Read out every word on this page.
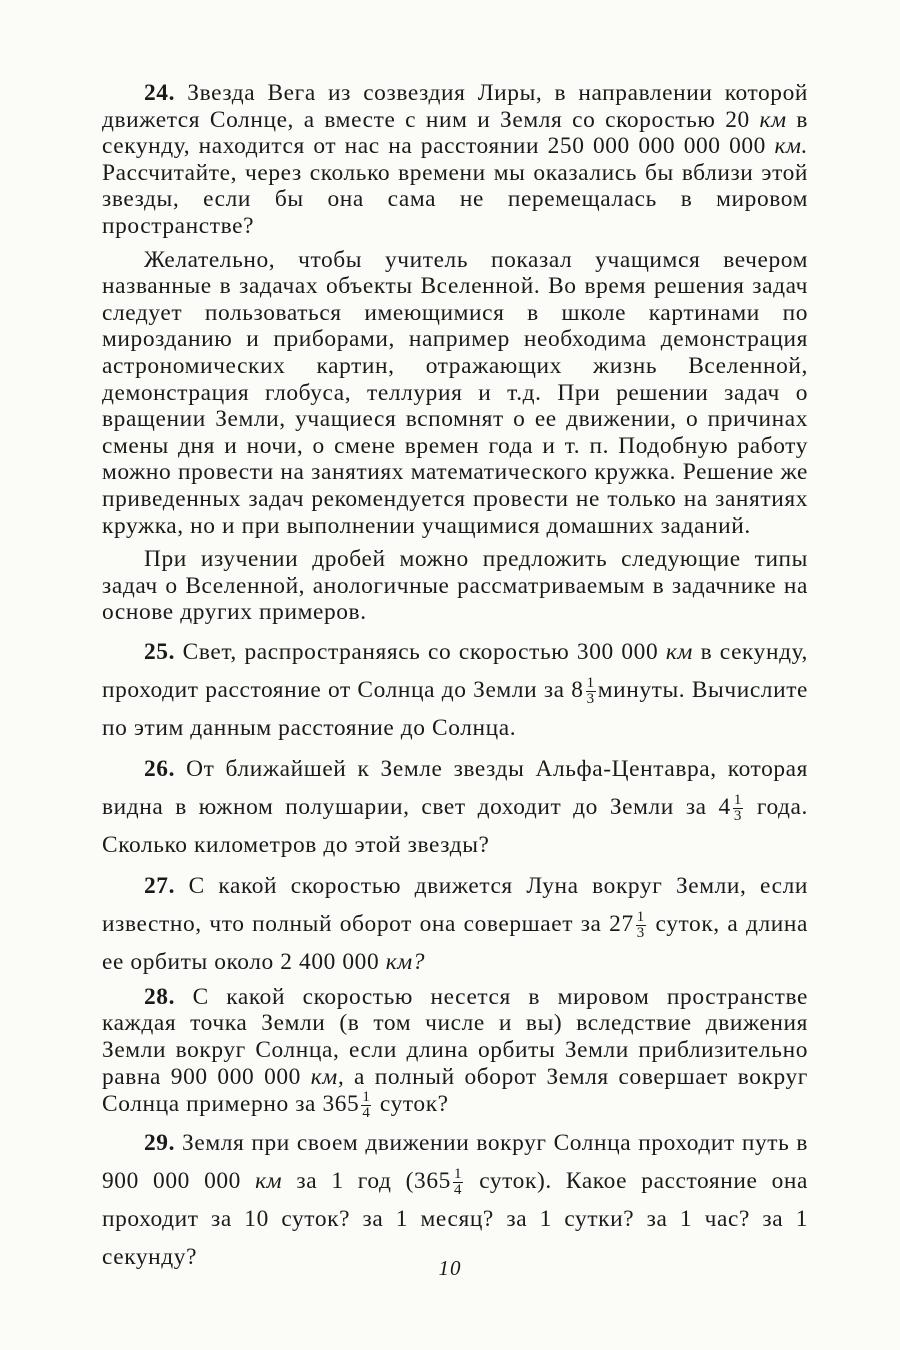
24. Звезда Вега из созвездия Лиры, в направлении которой движется Солнце, а вместе с ним и Земля со скоростью 20 км в секунду, находится от нас на расстоянии 250 000 000 000 000 км. Рассчитайте, через сколько времени мы оказались бы вблизи этой звезды, если бы она сама не перемещалась в мировом пространстве?

Желательно, чтобы учитель показал учащимся вечером названные в задачах объекты Вселенной. Во время решения задач следует пользоваться имеющимися в школе картинами по мирозданию и приборами, например необходима демонстрация астрономических картин, отражающих жизнь Вселенной, демонстрация глобуса, теллурия и т.д. При решении задач о вращении Земли, учащиеся вспомнят о ее движении, о причинах смены дня и ночи, о смене времен года и т. п. Подобную работу можно провести на занятиях математического кружка. Решение же приведенных задач рекомендуется провести не только на занятиях кружка, но и при выполнении учащимися домашних заданий.

При изучении дробей можно предложить следующие типы задач о Вселенной, анологичные рассматриваемым в задачнике на основе других примеров.

25. Свет, распространяясь со скоростью 300 000 км в секунду, проходит расстояние от Солнца до Земли за $8 \frac{1}{3}$ минуты. Вычислите по этим данным расстояние до Солнца.

26. От ближайшей к Земле звезды Альфа-Центавра, которая видна в южном полушарии, свет доходит до Земли за $4 \frac{1}{3}$ года. Сколько километров до этой звезды?

27. С какой скоростью движется Луна вокруг Земли, если известно, что полный оборот она совершает за $27 \frac{1}{3}$ суток, а длина ее орбиты около 2 400 000 км?

28. С какой скоростью несется в мировом пространстве каждая точка Земли (в том числе и вы) вследствие движения Земли вокруг Солнца, если длина орбиты Земли приблизительно равна 900 000 000 км, а полный оборот Земля совершает вокруг Солнца примерно за $365 \frac{1}{4}$ суток?

29. Земля при своем движении вокруг Солнца проходит путь в 900 000 000 км за 1 год ($365 \frac{1}{4}$ суток). Какое расстояние она проходит за 10 суток? за 1 месяц? за 1 сутки? за 1 час? за 1 секунду?	10
